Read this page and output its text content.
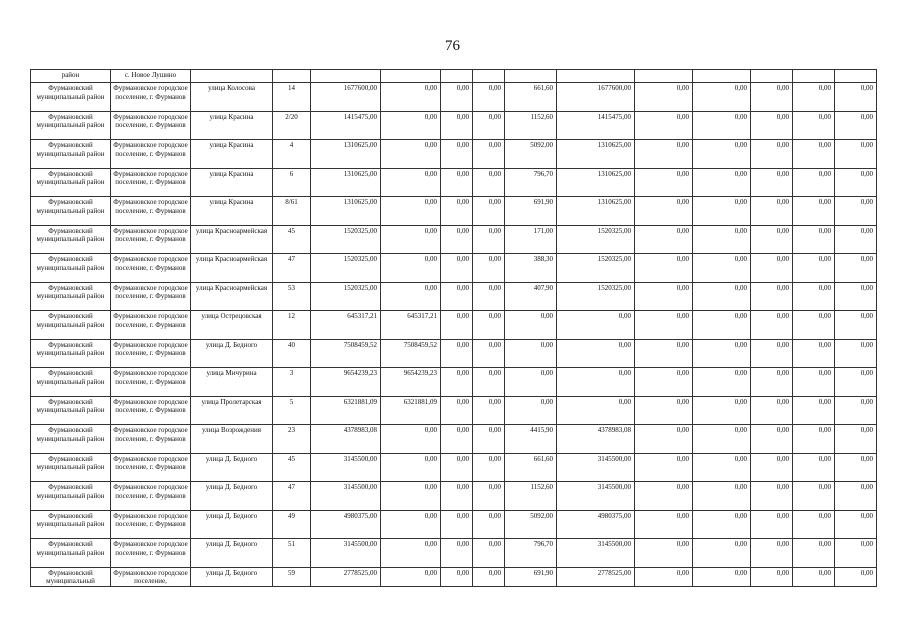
76
район	с. Новое Лушино													
Фурмановский муниципальный район	Фурмановское городское поселение, г. Фурманов	улица Колосова	14	1677600,00	0,00	0,00	0,00	661,60	1677600,00	0,00	0,00	0,00	0,00	0,00
Фурмановский муниципальный район	Фурмановское городское поселение, г. Фурманов	улица Красина	2/20	1415475,00	0,00	0,00	0,00	1152,60	1415475,00	0,00	0,00	0,00	0,00	0,00
Фурмановский муниципальный район	Фурмановское городское поселение, г. Фурманов	улица Красина	4	1310625,00	0,00	0,00	0,00	5092,00	1310625,00	0,00	0,00	0,00	0,00	0,00
Фурмановский муниципальный район	Фурмановское городское поселение, г. Фурманов	улица Красина	6	1310625,00	0,00	0,00	0,00	796,70	1310625,00	0,00	0,00	0,00	0,00	0,00
Фурмановский муниципальный район	Фурмановское городское поселение, г. Фурманов	улица Красина	8/61	1310625,00	0,00	0,00	0,00	691,90	1310625,00	0,00	0,00	0,00	0,00	0,00
Фурмановский муниципальный район	Фурмановское городское поселение, г. Фурманов	улица Красноармейская	45	1520325,00	0,00	0,00	0,00	171,00	1520325,00	0,00	0,00	0,00	0,00	0,00
Фурмановский муниципальный район	Фурмановское городское поселение, г. Фурманов	улица Красноармейская	47	1520325,00	0,00	0,00	0,00	388,30	1520325,00	0,00	0,00	0,00	0,00	0,00
Фурмановский муниципальный район	Фурмановское городское поселение, г. Фурманов	улица Красноармейская	53	1520325,00	0,00	0,00	0,00	407,90	1520325,00	0,00	0,00	0,00	0,00	0,00
Фурмановский муниципальный район	Фурмановское городское поселение, г. Фурманов	улица Острецовская	12	645317,21	645317,21	0,00	0,00	0,00	0,00	0,00	0,00	0,00	0,00	0,00
Фурмановский муниципальный район	Фурмановское городское поселение, г. Фурманов	улица Д. Бедного	40	7508459,52	7508459,52	0,00	0,00	0,00	0,00	0,00	0,00	0,00	0,00	0,00
Фурмановский муниципальный район	Фурмановское городское поселение, г. Фурманов	улица Мичурина	3	9654239,23	9654239,23	0,00	0,00	0,00	0,00	0,00	0,00	0,00	0,00	0,00
Фурмановский муниципальный район	Фурмановское городское поселение, г. Фурманов	улица Пролетарская	5	6321881,09	6321881,09	0,00	0,00	0,00	0,00	0,00	0,00	0,00	0,00	0,00
Фурмановский муниципальный район	Фурмановское городское поселение, г. Фурманов	улица Возрождения	23	4378983,08	0,00	0,00	0,00	4415,90	4378983,08	0,00	0,00	0,00	0,00	0,00
Фурмановский муниципальный район	Фурмановское городское поселение, г. Фурманов	улица Д. Бедного	45	3145500,00	0,00	0,00	0,00	661,60	3145500,00	0,00	0,00	0,00	0,00	0,00
Фурмановский муниципальный район	Фурмановское городское поселение, г. Фурманов	улица Д. Бедного	47	3145500,00	0,00	0,00	0,00	1152,60	3145500,00	0,00	0,00	0,00	0,00	0,00
Фурмановский муниципальный район	Фурмановское городское поселение, г. Фурманов	улица Д. Бедного	49	4980375,00	0,00	0,00	0,00	5092,00	4980375,00	0,00	0,00	0,00	0,00	0,00
Фурмановский муниципальный район	Фурмановское городское поселение, г. Фурманов	улица Д. Бедного	51	3145500,00	0,00	0,00	0,00	796,70	3145500,00	0,00	0,00	0,00	0,00	0,00
Фурмановский муниципальный	Фурмановское городское поселение,	улица Д. Бедного	59	2778525,00	0,00	0,00	0,00	691,90	2778525,00	0,00	0,00	0,00	0,00	0,00
